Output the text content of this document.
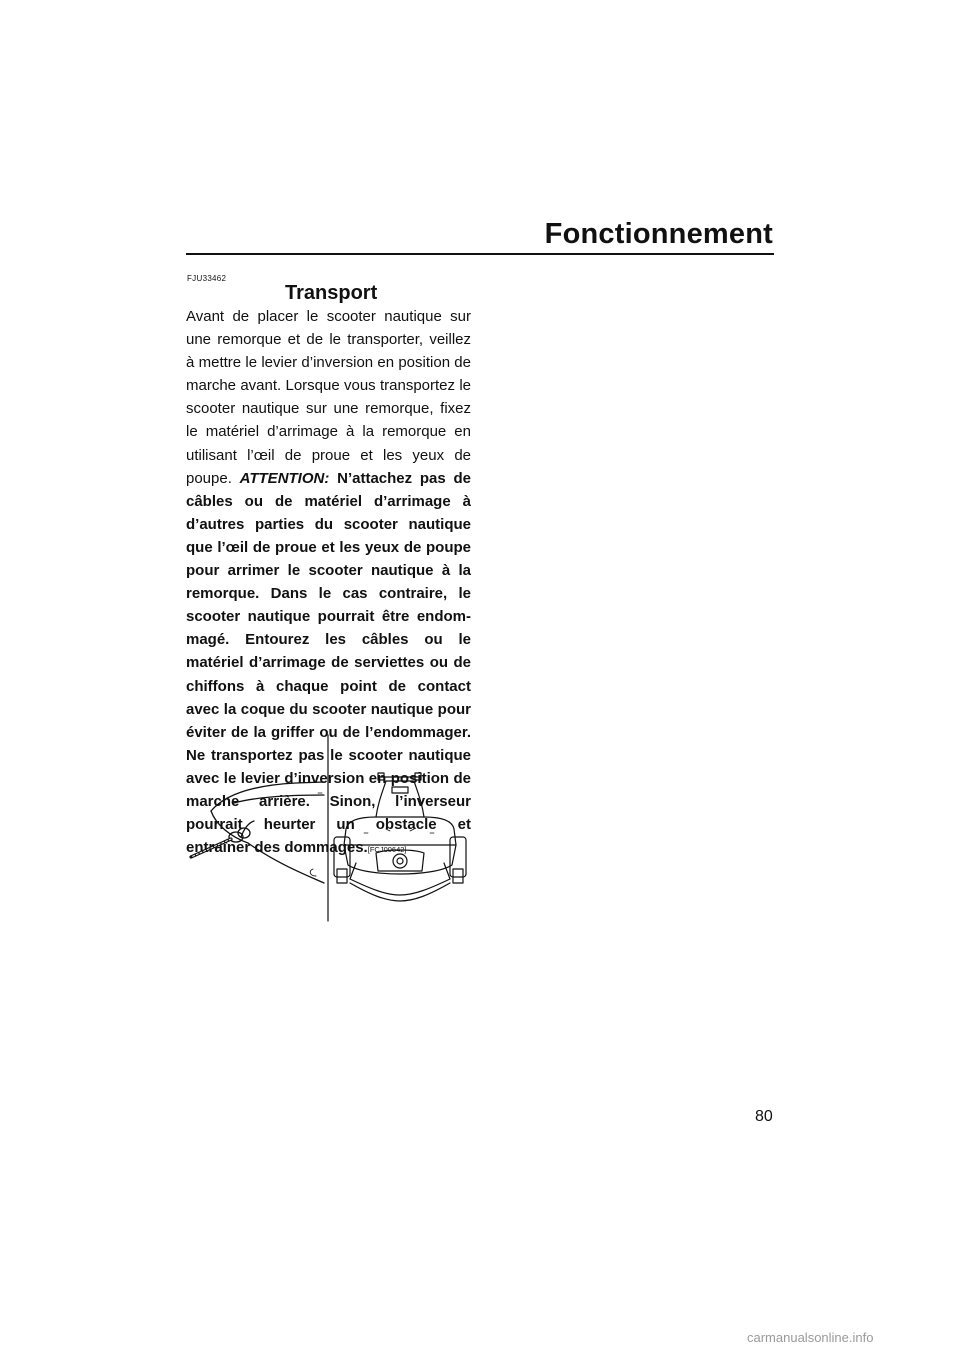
Fonctionnement
FJU33462
Transport
Avant de placer le scooter nautique sur une remorque et de le transporter, veillez à mettre le levier d’inversion en position de marche avant. Lorsque vous transportez le scooter nautique sur une remorque, fixez le matériel d’arrimage à la remorque en utilisant l’œil de proue et les yeux de poupe. ATTENTION: N’attachez pas de câbles ou de matériel d’arrimage à d’autres parties du scooter nautique que l’œil de proue et les yeux de poupe pour arrimer le scooter nautique à la remorque. Dans le cas contraire, le scooter nautique pourrait être endommagé. Entourez les câbles ou le matériel d’arrimage de serviettes ou de chiffons à chaque point de contact avec la coque du scooter nautique pour éviter de la griffer ou de l’endommager. Ne transportez pas le scooter nautique avec le levier d’inversion en position de marche arrière. Sinon, l’inverseur pourrait heurter un obstacle et entraîner des dommages.[FCJ00642]
80
carmanualsonline.info
